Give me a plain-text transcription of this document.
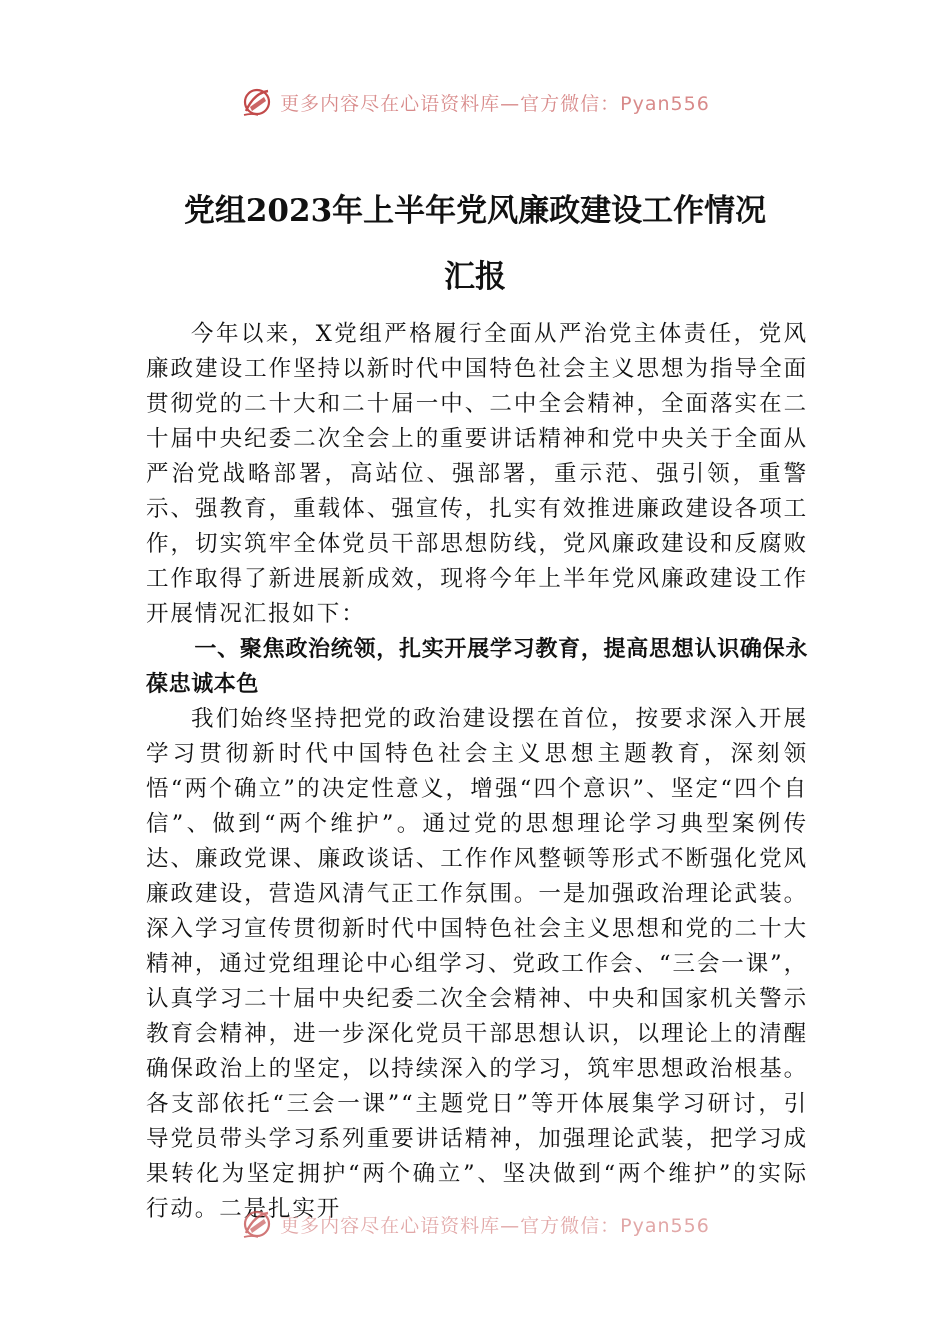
更多内容尽在心语资料库—官方微信：Pyan556
党组2023年上半年党风廉政建设工作情况
汇报

今年以来，X党组严格履行全面从严治党主体责任，党风廉政建设工作坚持以新时代中国特色社会主义思想为指导全面贯彻党的二十大和二十届一中、二中全会精神，全面落实在二十届中央纪委二次全会上的重要讲话精神和党中央关于全面从严治党战略部署，高站位、强部署，重示范、强引领，重警示、强教育，重载体、强宣传，扎实有效推进廉政建设各项工作，切实筑牢全体党员干部思想防线，党风廉政建设和反腐败工作取得了新进展新成效，现将今年上半年党风廉政建设工作开展情况汇报如下：

一、聚焦政治统领，扎实开展学习教育，提高思想认识确保永葆忠诚本色

我们始终坚持把党的政治建设摆在首位，按要求深入开展学习贯彻新时代中国特色社会主义思想主题教育，深刻领悟“两个确立”的决定性意义，增强“四个意识”、坚定“四个自信”、做到“两个维护”。通过党的思想理论学习典型案例传达、廉政党课、廉政谈话、工作作风整顿等形式不断强化党风廉政建设，营造风清气正工作氛围。一是加强政治理论武装。深入学习宣传贯彻新时代中国特色社会主义思想和党的二十大精神，通过党组理论中心组学习、党政工作会、“三会一课”，认真学习二十届中央纪委二次全会精神、中央和国家机关警示教育会精神，进一步深化党员干部思想认识，以理论上的清醒确保政治上的坚定，以持续深入的学习，筑牢思想政治根基。各支部依托“三会一课”“主题党日”等开体展集学习研讨，引导党员带头学习系列重要讲话精神，加强理论武装，把学习成果转化为坚定拥护“两个确立”、坚决做到“两个维护”的实际行动。二是扎实开

更多内容尽在心语资料库—官方微信：Pyan556
